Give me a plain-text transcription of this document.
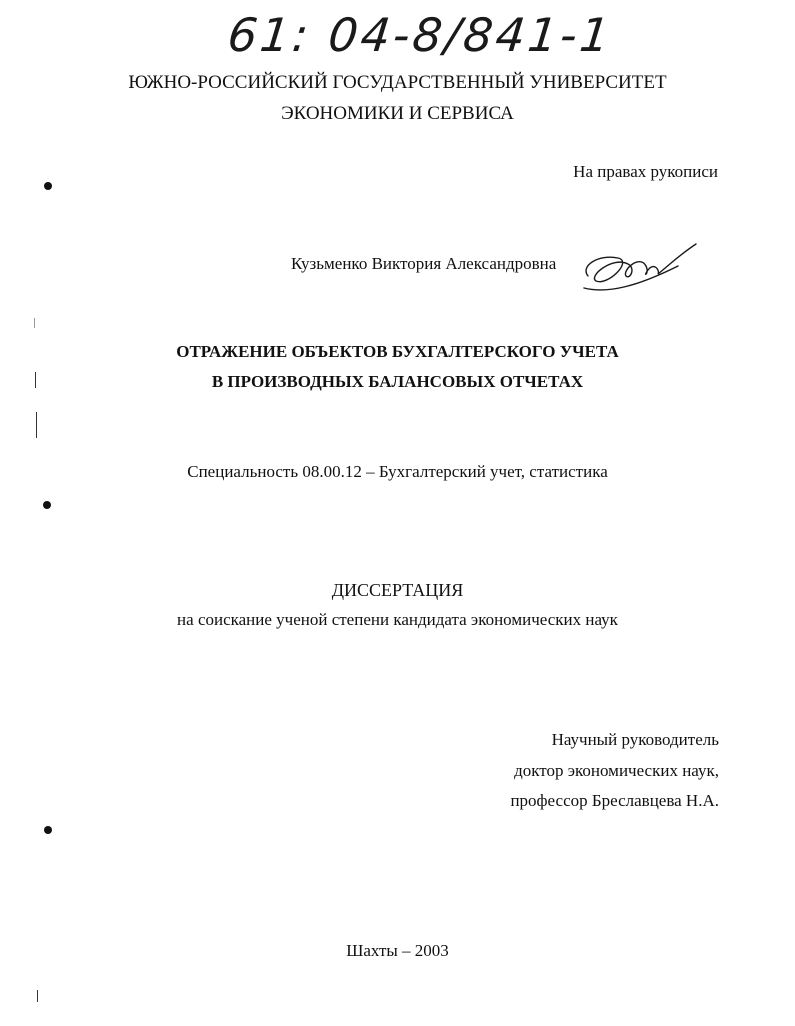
61: 04-8/841-1
ЮЖНО-РОССИЙСКИЙ ГОСУДАРСТВЕННЫЙ УНИВЕРСИТЕТ
ЭКОНОМИКИ И СЕРВИСА
На правах рукописи
Кузьменко Виктория Александровна
ОТРАЖЕНИЕ ОБЪЕКТОВ БУХГАЛТЕРСКОГО УЧЕТА
В ПРОИЗВОДНЫХ БАЛАНСОВЫХ ОТЧЕТАХ
Специальность 08.00.12 – Бухгалтерский учет, статистика
ДИССЕРТАЦИЯ
на соискание ученой степени кандидата экономических наук
Научный руководитель
доктор экономических наук,
профессор Бреславцева Н.А.
Шахты – 2003
